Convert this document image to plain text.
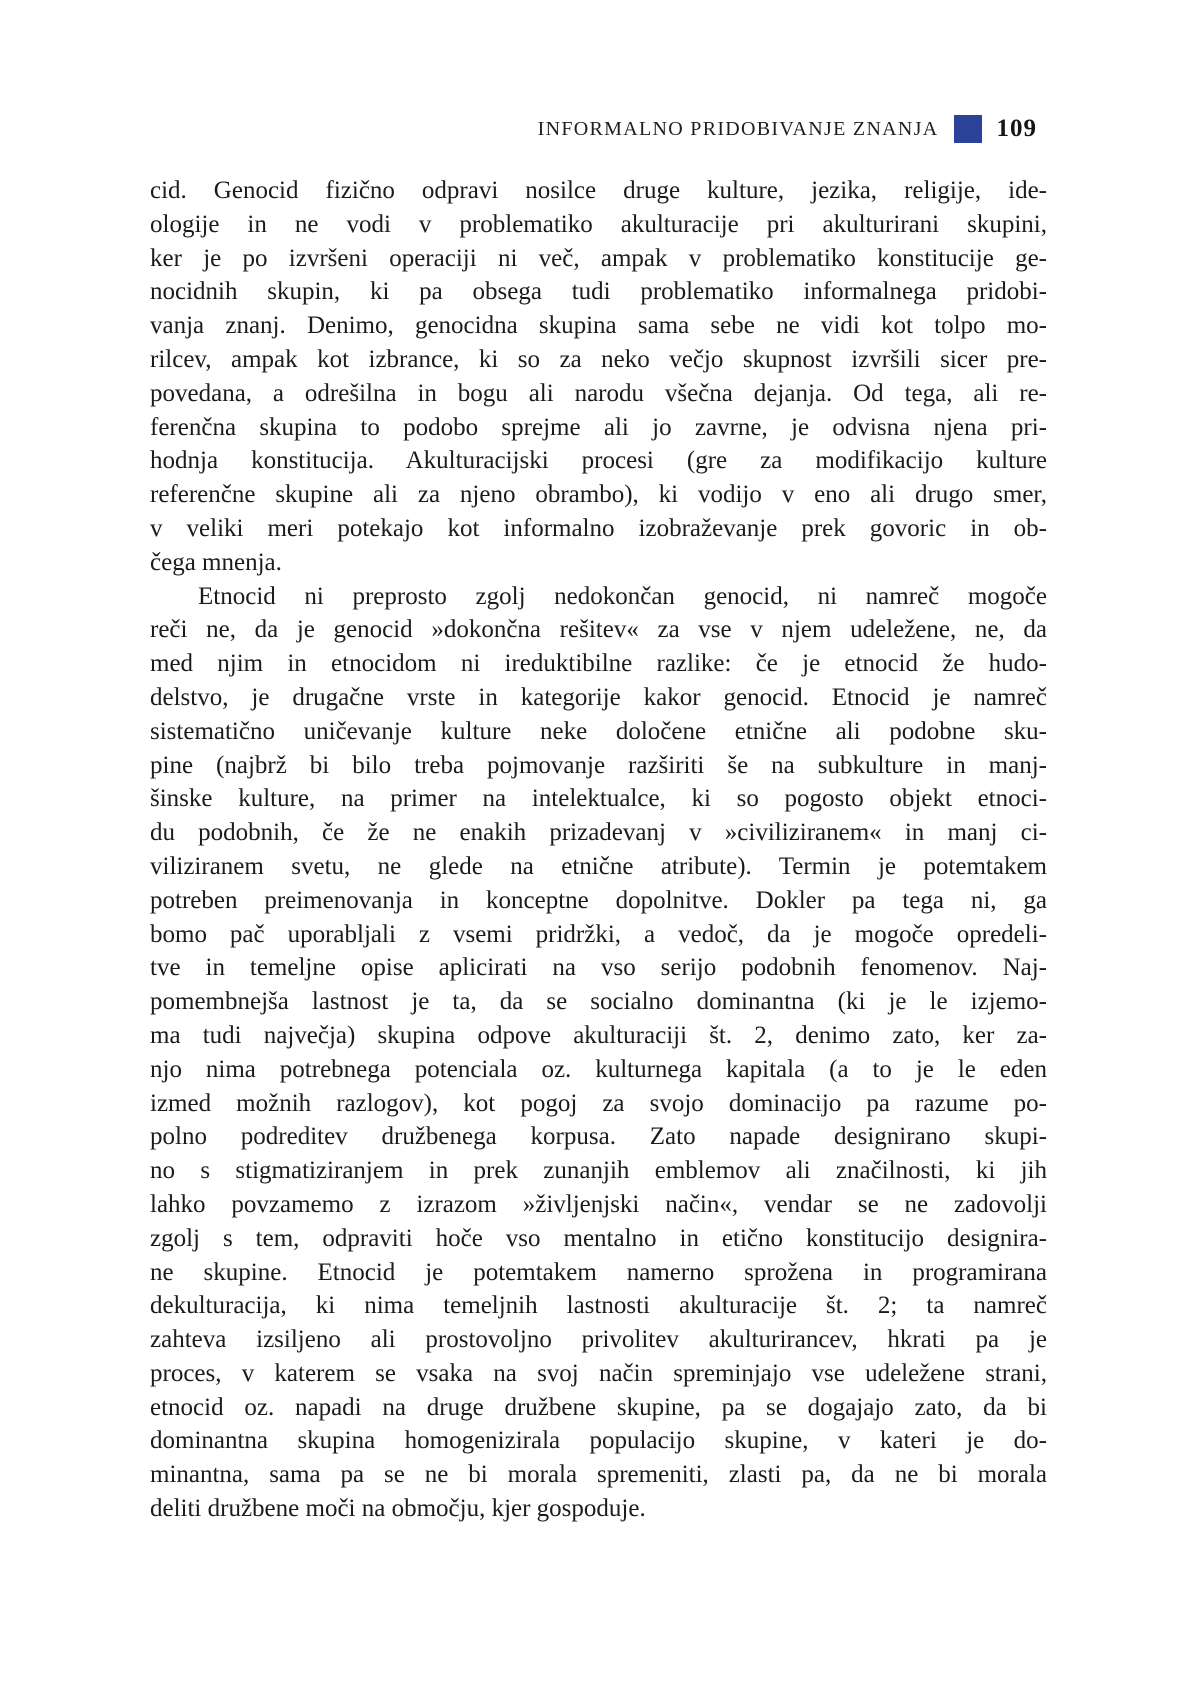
INFORMALNO PRIDOBIVANJE ZNANJA 109
cid. Genocid fizično odpravi nosilce druge kulture, jezika, religije, ide-
ologije in ne vodi v problematiko akulturacije pri akulturirani skupini,
ker je po izvršeni operaciji ni več, ampak v problematiko konstitucije ge-
nocidnih skupin, ki pa obsega tudi problematiko informalnega pridobi-
vanja znanj. Denimo, genocidna skupina sama sebe ne vidi kot tolpo mo-
rilcev, ampak kot izbrance, ki so za neko večjo skupnost izvršili sicer pre-
povedana, a odrešilna in bogu ali narodu všečna dejanja. Od tega, ali re-
ferenčna skupina to podobo sprejme ali jo zavrne, je odvisna njena pri-
hodnja konstitucija. Akulturacijski procesi (gre za modifikacijo kulture
referenčne skupine ali za njeno obrambo), ki vodijo v eno ali drugo smer,
v veliki meri potekajo kot informalno izobraževanje prek govoric in ob-
čega mnenja.
Etnocid ni preprosto zgolj nedokončan genocid, ni namreč mogoče
reči ne, da je genocid »dokončna rešitev« za vse v njem udeležene, ne, da
med njim in etnocidom ni ireduktibilne razlike: če je etnocid že hudo-
delstvo, je drugačne vrste in kategorije kakor genocid. Etnocid je namreč
sistematično uničevanje kulture neke določene etnične ali podobne sku-
pine (najbrž bi bilo treba pojmovanje razširiti še na subkulture in manj-
šinske kulture, na primer na intelektualce, ki so pogosto objekt etnoci-
du podobnih, če že ne enakih prizadevanj v »civiliziranem« in manj ci-
viliziranem svetu, ne glede na etnične atribute). Termin je potemtakem
potreben preimenovanja in konceptne dopolnitve. Dokler pa tega ni, ga
bomo pač uporabljali z vsemi pridržki, a vedoč, da je mogoče opredeli-
tve in temeljne opise aplicirati na vso serijo podobnih fenomenov. Naj-
pomembnejša lastnost je ta, da se socialno dominantna (ki je le izjemo-
ma tudi največja) skupina odpove akulturaciji št. 2, denimo zato, ker za-
njo nima potrebnega potenciala oz. kulturnega kapitala (a to je le eden
izmed možnih razlogov), kot pogoj za svojo dominacijo pa razume po-
polno podreditev družbenega korpusa. Zato napade designirano skupi-
no s stigmatiziranjem in prek zunanjih emblemov ali značilnosti, ki jih
lahko povzamemo z izrazom »življenjski način«, vendar se ne zadovolji
zgolj s tem, odpraviti hoče vso mentalno in etično konstitucijo designira-
ne skupine. Etnocid je potemtakem namerno sprožena in programirana
dekulturacija, ki nima temeljnih lastnosti akulturacije št. 2; ta namreč
zahteva izsiljeno ali prostovoljno privolitev akulturirancev, hkrati pa je
proces, v katerem se vsaka na svoj način spreminjajo vse udeležene strani,
etnocid oz. napadi na druge družbene skupine, pa se dogajajo zato, da bi
dominantna skupina homogenizirala populacijo skupine, v kateri je do-
minantna, sama pa se ne bi morala spremeniti, zlasti pa, da ne bi morala
deliti družbene moči na območju, kjer gospoduje.
